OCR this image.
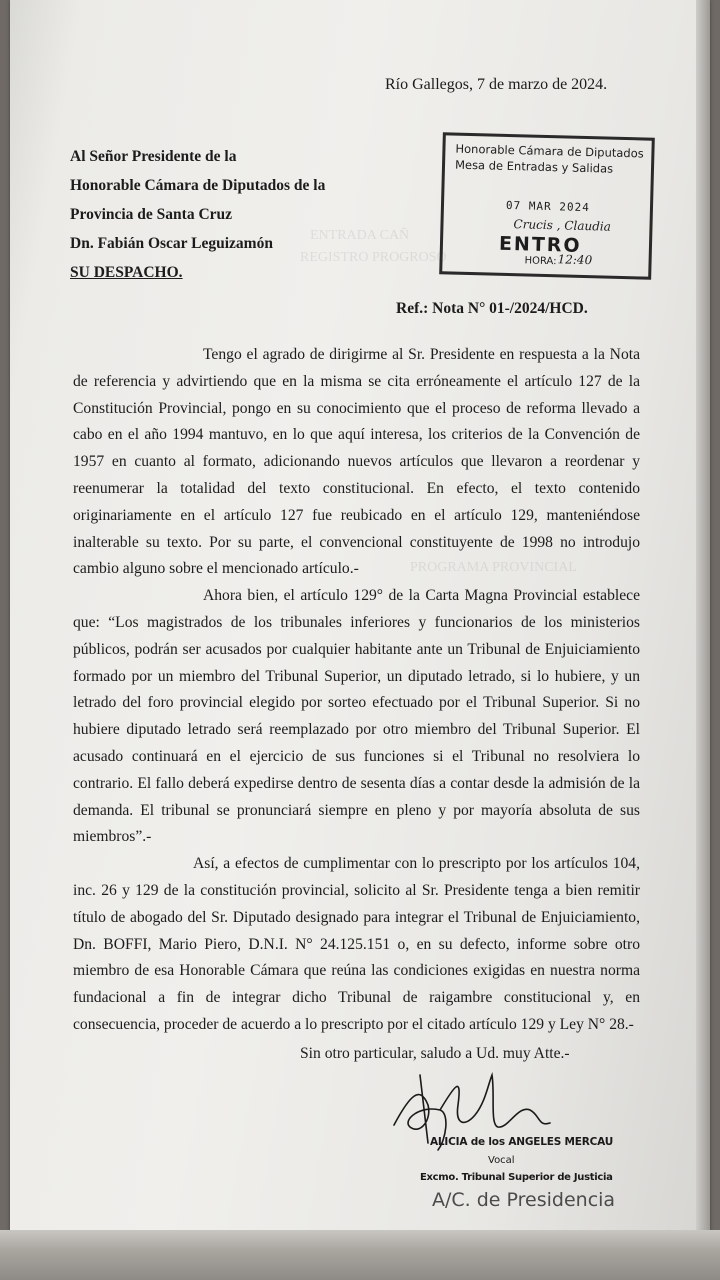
ENTRADA CAÑ
REGISTRO PROGROSO
PROGRAMA PROVINCIAL
Río Gallegos, 7 de marzo de 2024.
Al Señor Presidente de la
Honorable Cámara de Diputados de la
Provincia de Santa Cruz
Dn. Fabián Oscar Leguizamón
SU DESPACHO.
Honorable Cámara de Diputados
Mesa de Entradas y Salidas
07 MAR 2024
Crucis , Claudia
ENTRO
HORA: 12:40
Ref.: Nota N° 01-/2024/HCD.

Tengo el agrado de dirigirme al Sr. Presidente en respuesta a la Nota de referencia y advirtiendo que en la misma se cita erróneamente el artículo 127 de la Constitución Provincial, pongo en su conocimiento que el proceso de reforma llevado a cabo en el año 1994 mantuvo, en lo que aquí interesa, los criterios de la Convención de 1957 en cuanto al formato, adicionando nuevos artículos que llevaron a reordenar y reenumerar la totalidad del texto constitucional. En efecto, el texto contenido originariamente en el artículo 127 fue reubicado en el artículo 129, manteniéndose inalterable su texto. Por su parte, el convencional constituyente de 1998 no introdujo cambio alguno sobre el mencionado artículo.-

Ahora bien, el artículo 129° de la Carta Magna Provincial establece que: “Los magistrados de los tribunales inferiores y funcionarios de los ministerios públicos, podrán ser acusados por cualquier habitante ante un Tribunal de Enjuiciamiento formado por un miembro del Tribunal Superior, un diputado letrado, si lo hubiere, y un letrado del foro provincial elegido por sorteo efectuado por el Tribunal Superior. Si no hubiere diputado letrado será reemplazado por otro miembro del Tribunal Superior. El acusado continuará en el ejercicio de sus funciones si el Tribunal no resolviera lo contrario. El fallo deberá expedirse dentro de sesenta días a contar desde la admisión de la demanda. El tribunal se pronunciará siempre en pleno y por mayoría absoluta de sus miembros”.-

Así, a efectos de cumplimentar con lo prescripto por los artículos 104, inc. 26 y 129 de la constitución provincial, solicito al Sr. Presidente tenga a bien remitir título de abogado del Sr. Diputado designado para integrar el Tribunal de Enjuiciamiento, Dn. BOFFI, Mario Piero, D.N.I. N° 24.125.151 o, en su defecto, informe sobre otro miembro de esa Honorable Cámara que reúna las condiciones exigidas en nuestra norma fundacional a fin de integrar dicho Tribunal de raigambre constitucional y, en consecuencia, proceder de acuerdo a lo prescripto por el citado artículo 129 y Ley N° 28.-

Sin otro particular, saludo a Ud. muy Atte.-
ALICIA de los ANGELES MERCAU
Vocal
Excmo. Tribunal Superior de Justicia
A/C. de Presidencia
